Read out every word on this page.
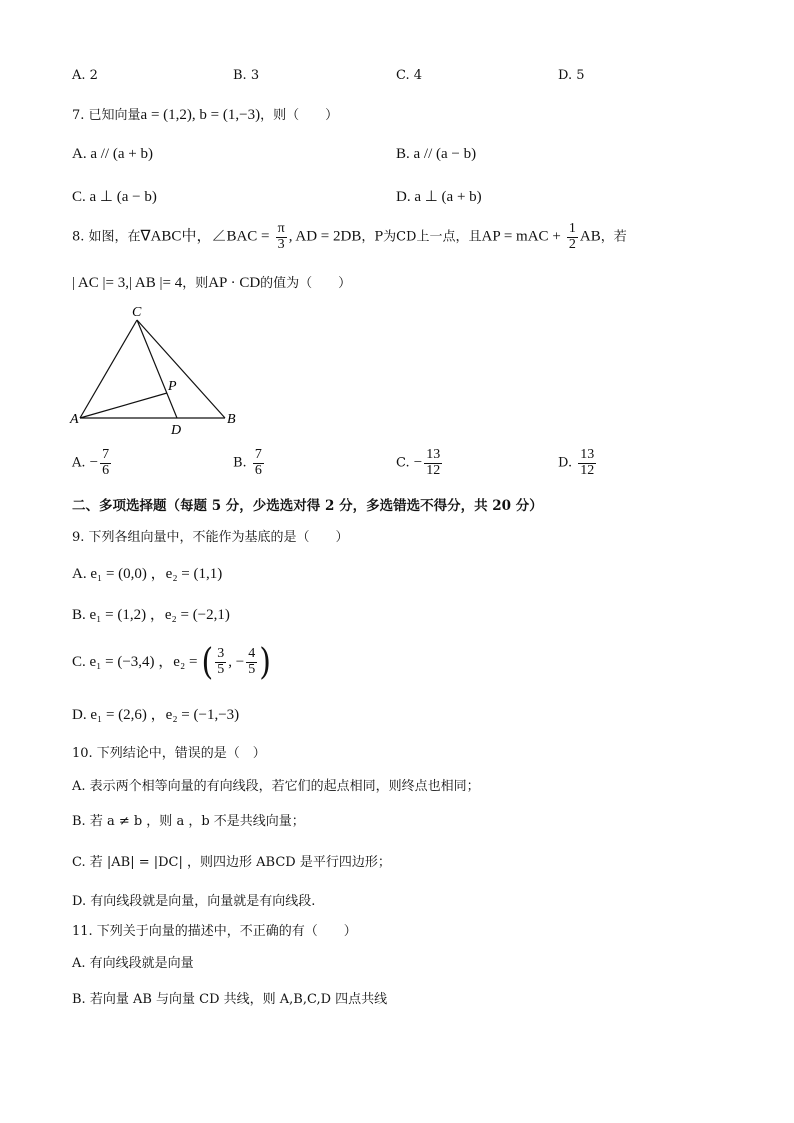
A. 2	B. 3	C. 4	D. 5
7. 已知向量a = (1,2), b = (1,−3)，则（　　）
A. a // (a + b)	B. a // (a − b)
C. a ⊥ (a − b)	D. a ⊥ (a + b)
8. 如图，在∇ABC中，∠BAC = $\frac{\pi}{3}$ , AD = 2DB，P为CD上一点，且AP = mAC + $\frac{1}{2}$ AB，若
| AC |= 3,| AB |= 4，则AP · CD的值为（　　）
C
P
A
D
B
A. − $\frac{7}{6}$	B. $\frac{7}{6}$	C. − $\frac{13}{12}$	D. $\frac{13}{12}$
二、多项选择题（每题 5 分，少选选对得 2 分，多选错选不得分，共 20 分）
9. 下列各组向量中，不能作为基底的是（　　）
A. e₁ = (0,0) ，e₂ = (1,1)
B. e₁ = (1,2) ，e₂ = (−2,1)
C. e₁ = (−3,4) ，e₂ = ( $\frac{3}{5}$ , − $\frac{4}{5}$ )
D. e₁ = (2,6) ，e₂ = (−1,−3)
10. 下列结论中，错误的是（　）
A. 表示两个相等向量的有向线段，若它们的起点相同，则终点也相同；
B. 若 a ≠ b ，则 a ，b 不是共线向量；
C. 若 |AB| = |DC| ，则四边形 ABCD 是平行四边形；
D. 有向线段就是向量，向量就是有向线段.
11. 下列关于向量的描述中，不正确的有（　　）
A. 有向线段就是向量
B. 若向量 AB 与向量 CD 共线，则 A,B,C,D 四点共线
